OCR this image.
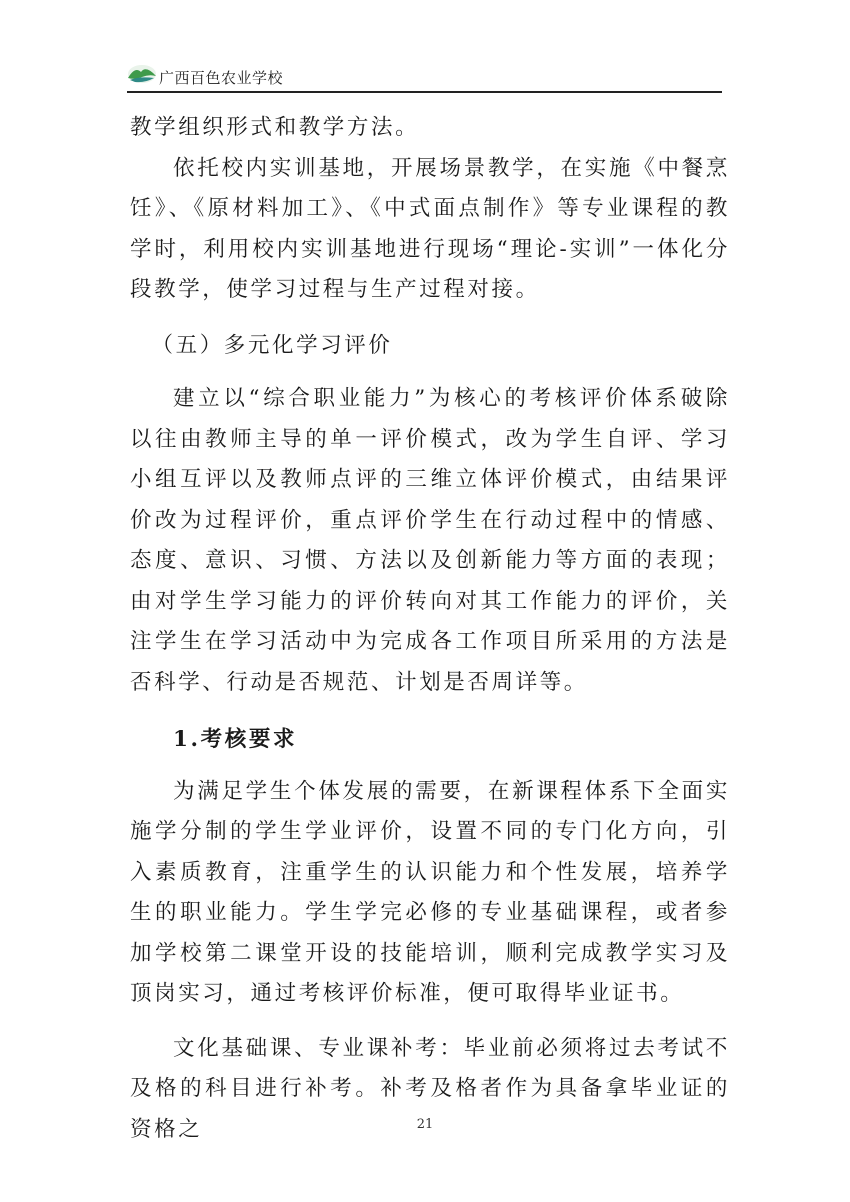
广西百色农业学校

教学组织形式和教学方法。

依托校内实训基地，开展场景教学，在实施《中餐烹饪》、《原材料加工》、《中式面点制作》等专业课程的教学时，利用校内实训基地进行现场“理论-实训”一体化分段教学，使学习过程与生产过程对接。

（五）多元化学习评价

建立以“综合职业能力”为核心的考核评价体系破除以往由教师主导的单一评价模式，改为学生自评、学习小组互评以及教师点评的三维立体评价模式，由结果评价改为过程评价，重点评价学生在行动过程中的情感、态度、意识、习惯、方法以及创新能力等方面的表现；由对学生学习能力的评价转向对其工作能力的评价，关注学生在学习活动中为完成各工作项目所采用的方法是否科学、行动是否规范、计划是否周详等。

1.考核要求

为满足学生个体发展的需要，在新课程体系下全面实施学分制的学生学业评价，设置不同的专门化方向，引入素质教育，注重学生的认识能力和个性发展，培养学生的职业能力。学生学完必修的专业基础课程，或者参加学校第二课堂开设的技能培训，顺利完成教学实习及顶岗实习，通过考核评价标准，便可取得毕业证书。

文化基础课、专业课补考：毕业前必须将过去考试不及格的科目进行补考。补考及格者作为具备拿毕业证的资格之	21
